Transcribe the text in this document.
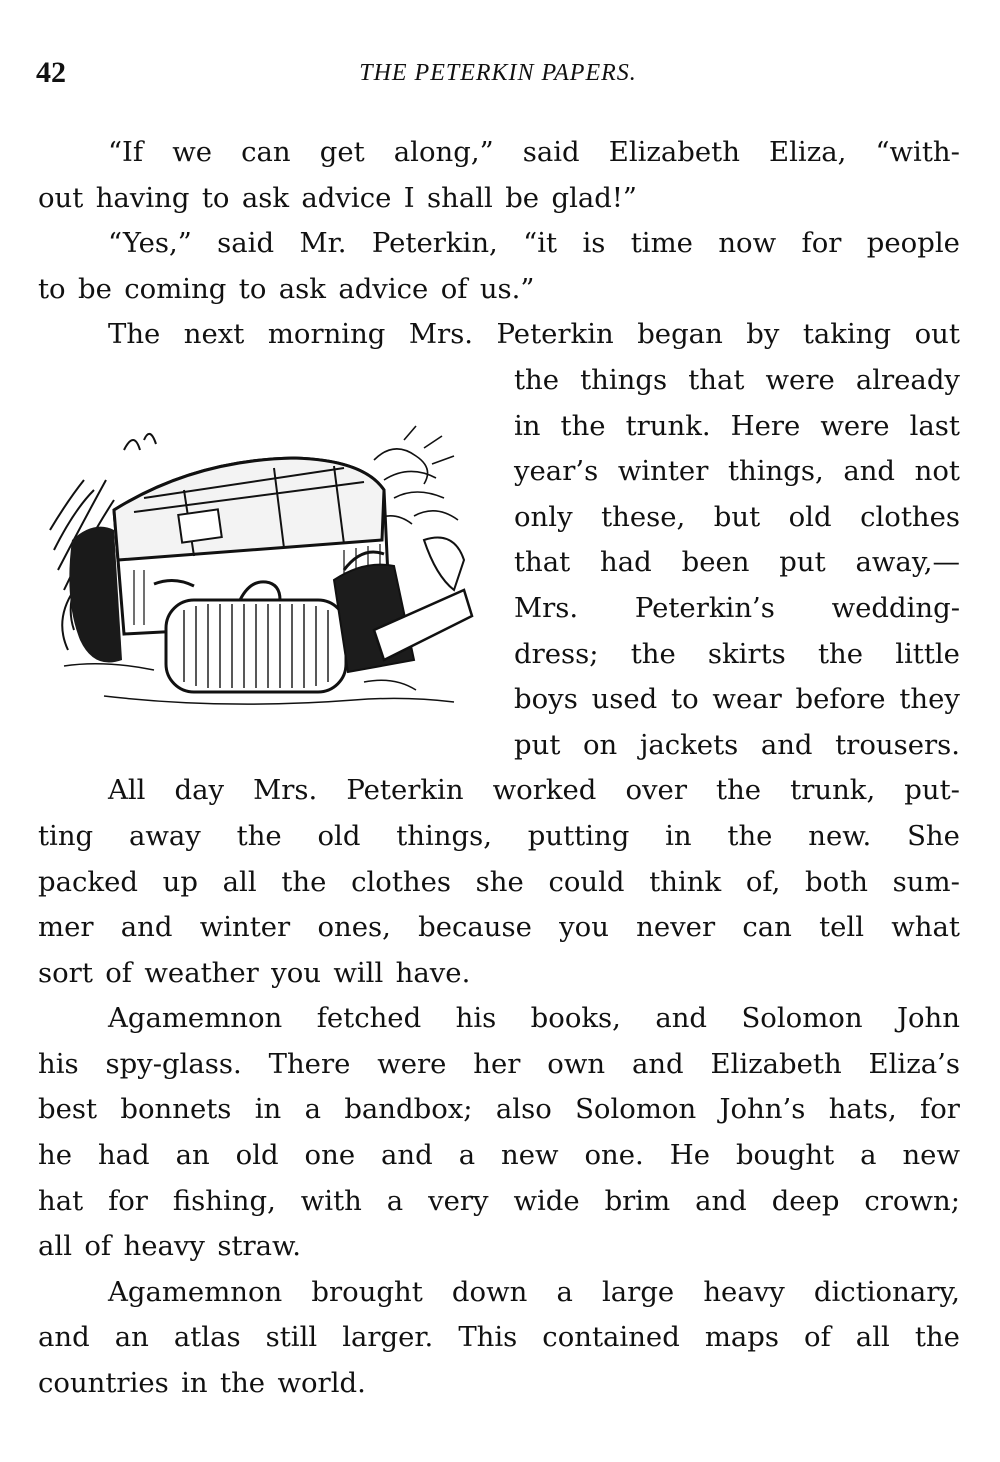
42	THE PETERKIN PAPERS.
“If we can get along,” said Elizabeth Eliza, “with-
out having to ask advice I shall be glad!”
“Yes,” said Mr. Peterkin, “it is time now for people
to be coming to ask advice of us.”
The next morning Mrs. Peterkin began by taking out
the things that were already
in the trunk. Here were last
year’s winter things, and not
only these, but old clothes
that had been put away,—
Mrs. Peterkin’s wedding-
dress; the skirts the little
boys used to wear before they
put on jackets and trousers.
All day Mrs. Peterkin worked over the trunk, put-
ting away the old things, putting in the new. She
packed up all the clothes she could think of, both sum-
mer and winter ones, because you never can tell what
sort of weather you will have.
Agamemnon fetched his books, and Solomon John
his spy-glass. There were her own and Elizabeth Eliza’s
best bonnets in a bandbox; also Solomon John’s hats, for
he had an old one and a new one. He bought a new
hat for fishing, with a very wide brim and deep crown;
all of heavy straw.
Agamemnon brought down a large heavy dictionary,
and an atlas still larger. This contained maps of all the
countries in the world.
